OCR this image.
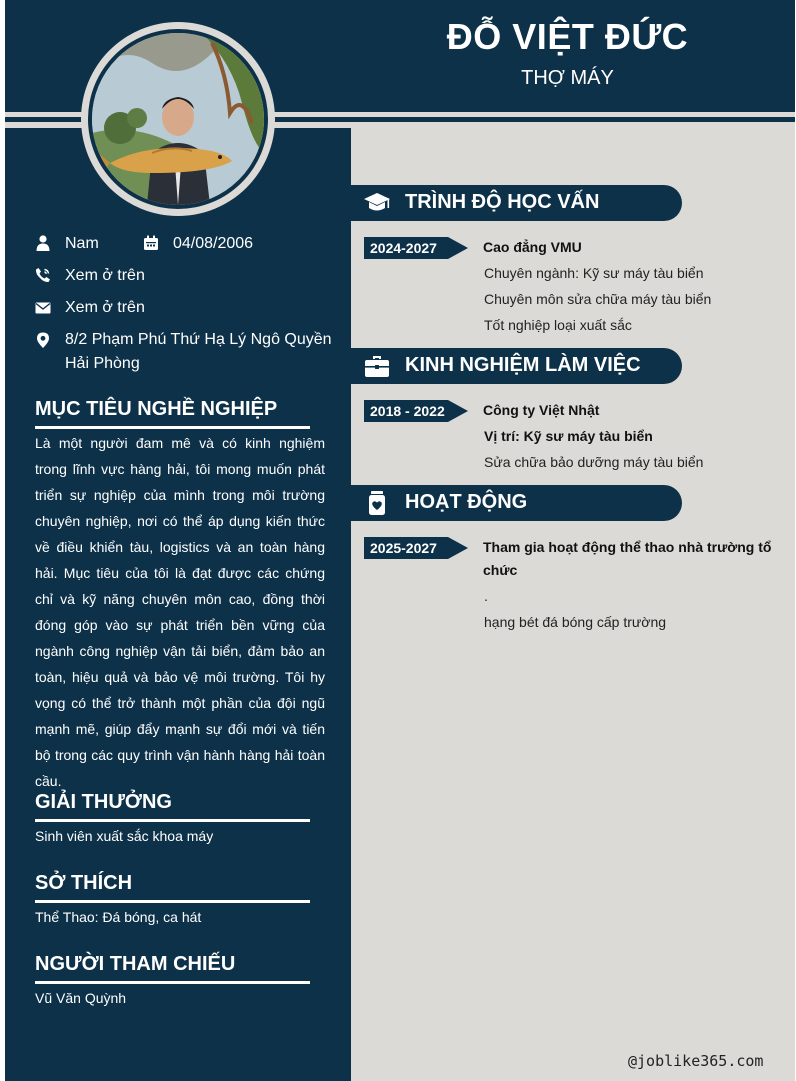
ĐỖ VIỆT ĐỨC
THỢ MÁY
Nam	04/08/2006
Xem ở trên
Xem ở trên
8/2 Phạm Phú Thứ Hạ Lý Ngô Quyền Hải Phòng
MỤC TIÊU NGHỀ NGHIỆP
Là một người đam mê và có kinh nghiệm trong lĩnh vực hàng hải, tôi mong muốn phát triển sự nghiệp của mình trong môi trường chuyên nghiệp, nơi có thể áp dụng kiến thức về điều khiển tàu, logistics và an toàn hàng hải. Mục tiêu của tôi là đạt được các chứng chỉ và kỹ năng chuyên môn cao, đồng thời đóng góp vào sự phát triển bền vững của ngành công nghiệp vận tải biển, đảm bảo an toàn, hiệu quả và bảo vệ môi trường. Tôi hy vọng có thể trở thành một phần của đội ngũ mạnh mẽ, giúp đẩy mạnh sự đổi mới và tiến bộ trong các quy trình vận hành hàng hải toàn cầu.
GIẢI THƯỞNG
Sinh viên xuất sắc khoa máy
SỞ THÍCH
Thể Thao: Đá bóng, ca hát
NGƯỜI THAM CHIẾU
Vũ Văn Quỳnh
TRÌNH ĐỘ HỌC VẤN
2024-2027	Cao đẳng VMU
Chuyên ngành: Kỹ sư máy tàu biển
Chuyên môn sửa chữa máy tàu biển
Tốt nghiệp loại xuất sắc
KINH NGHIỆM LÀM VIỆC
2018 - 2022	Công ty Việt Nhật
Vị trí: Kỹ sư máy tàu biển
Sửa chữa bảo dưỡng máy tàu biển
HOẠT ĐỘNG
2025-2027	Tham gia hoạt động thể thao nhà trường tổ chức
.
hạng bét đá bóng cấp trường
@joblike365.com
